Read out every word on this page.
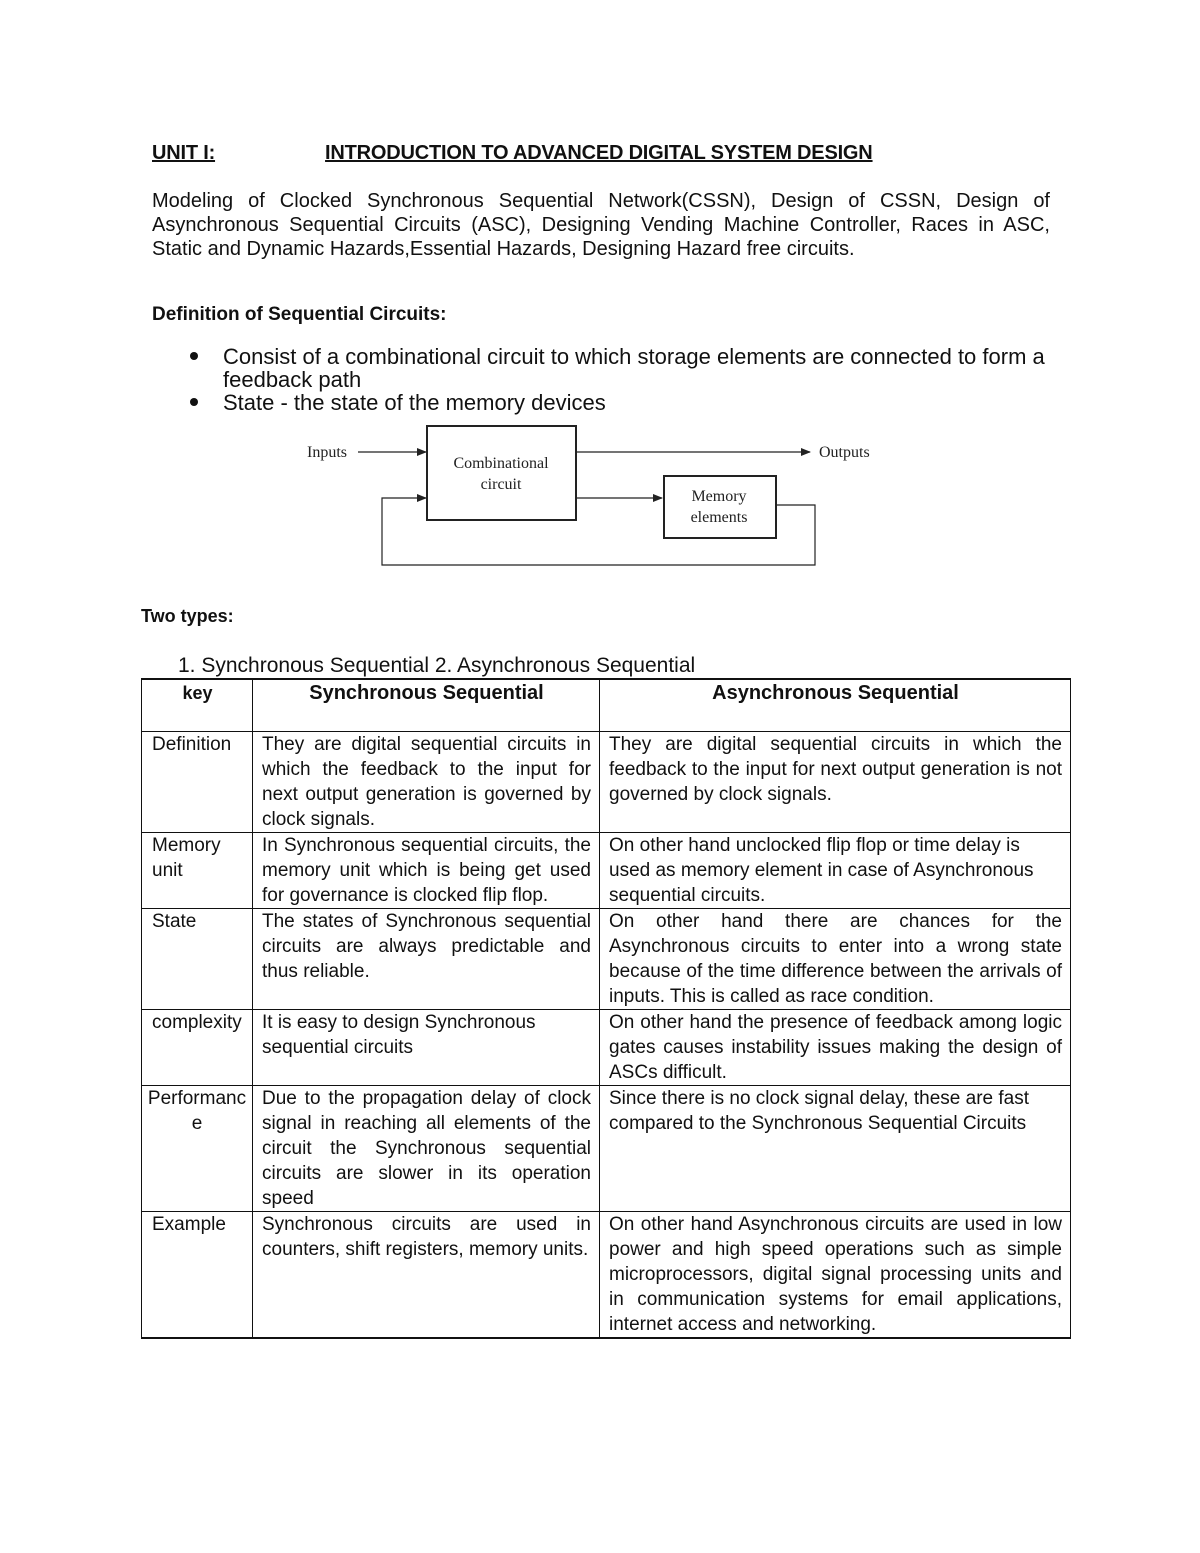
UNIT I:	INTRODUCTION TO ADVANCED DIGITAL SYSTEM DESIGN
Modeling of Clocked Synchronous Sequential Network(CSSN), Design of CSSN, Design of Asynchronous Sequential Circuits (ASC), Designing Vending Machine Controller, Races in ASC, Static and Dynamic Hazards,Essential Hazards, Designing Hazard free circuits.
Definition of Sequential Circuits:
Consist of a combinational circuit to which storage elements are connected to form a feedback path
State - the state of the memory devices
Inputs	Outputs
Combinational
circuit
Memory
elements
Two types:
1. Synchronous Sequential 2. Asynchronous Sequential
key	Synchronous Sequential	Asynchronous Sequential
Definition	They are digital sequential circuits in which the feedback to the input for next output generation is governed by clock signals.	They are digital sequential circuits in which the feedback to the input for next output generation is not governed by clock signals.
Memory unit	In Synchronous sequential circuits, the memory unit which is being get used for governance is clocked flip flop.	On other hand unclocked flip flop or time delay is used as memory element in case of Asynchronous sequential circuits.
State	The states of Synchronous sequential circuits are always predictable and thus reliable.	On other hand there are chances for the Asynchronous circuits to enter into a wrong state because of the time difference between the arrivals of inputs. This is called as race condition.
complexity	It is easy to design Synchronous sequential circuits	On other hand the presence of feedback among logic gates causes instability issues making the design of ASCs difficult.
Performance	Due to the propagation delay of clock signal in reaching all elements of the circuit the Synchronous sequential circuits are slower in its operation speed	Since there is no clock signal delay, these are fast compared to the Synchronous Sequential Circuits
Example	Synchronous circuits are used in counters, shift registers, memory units.	On other hand Asynchronous circuits are used in low power and high speed operations such as simple microprocessors, digital signal processing units and in communication systems for email applications, internet access and networking.
